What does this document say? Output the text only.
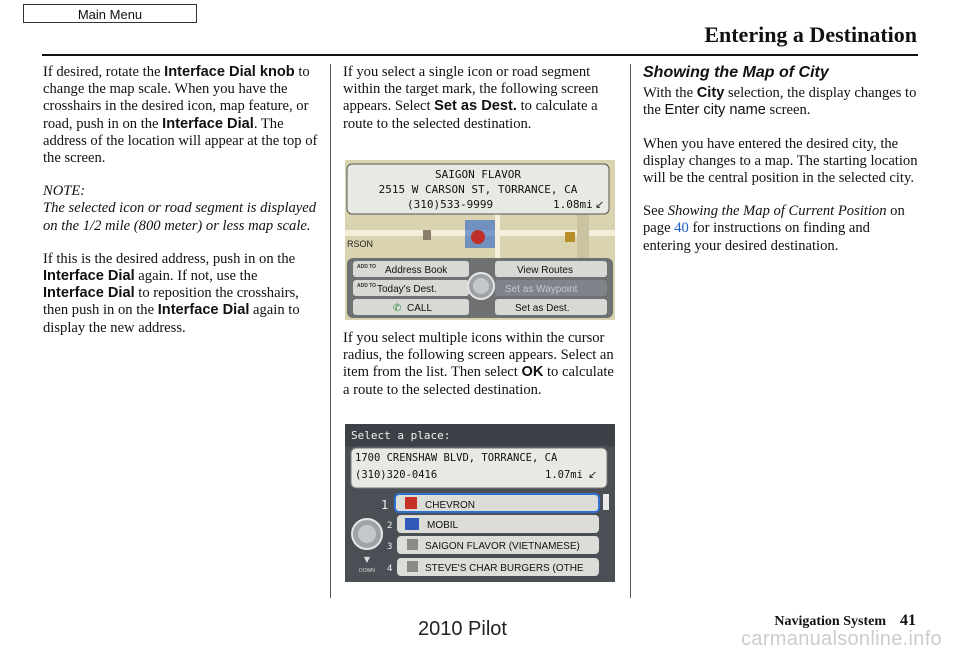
Main Menu
Entering a Destination

If desired, rotate the Interface Dial knob to change the map scale. When you have the crosshairs in the desired icon, map feature, or road, push in on the Interface Dial. The address of the location will appear at the top of the screen.

NOTE:
The selected icon or road segment is displayed on the 1/2 mile (800 meter) or less map scale.

If this is the desired address, push in on the Interface Dial again. If not, use the Interface Dial to reposition the crosshairs, then push in on the Interface Dial again to display the new address.

If you select a single icon or road segment within the target mark, the following screen appears. Select Set as Dest. to calculate a route to the selected destination.

RSON
SAIGON FLAVOR
2515 W CARSON ST, TORRANCE, CA
(310)533-9999	1.08mi ↙
ADD TO Address Book
ADD TO Today's Dest.
✆ CALL
View Routes
Set as Waypoint
Set as Dest.

If you select multiple icons within the cursor radius, the following screen appears. Select an item from the list. Then select OK to calculate a route to the selected destination.

Select a place:
1700 CRENSHAW BLVD, TORRANCE, CA
(310)320-0416	1.07mi ↙
▼
DOWN
1	CHEVRON
2	MOBIL
3	SAIGON FLAVOR (VIETNAMESE)
4	STEVE'S CHAR BURGERS (OTHE
Showing the Map of City

With the City selection, the display changes to the Enter city name screen.

When you have entered the desired city, the display changes to a map. The starting location will be the central position in the selected city.

See Showing the Map of Current Position on page 40 for instructions on finding and entering your desired destination.

Navigation System 41
2010 Pilot	carmanualsonline.info
